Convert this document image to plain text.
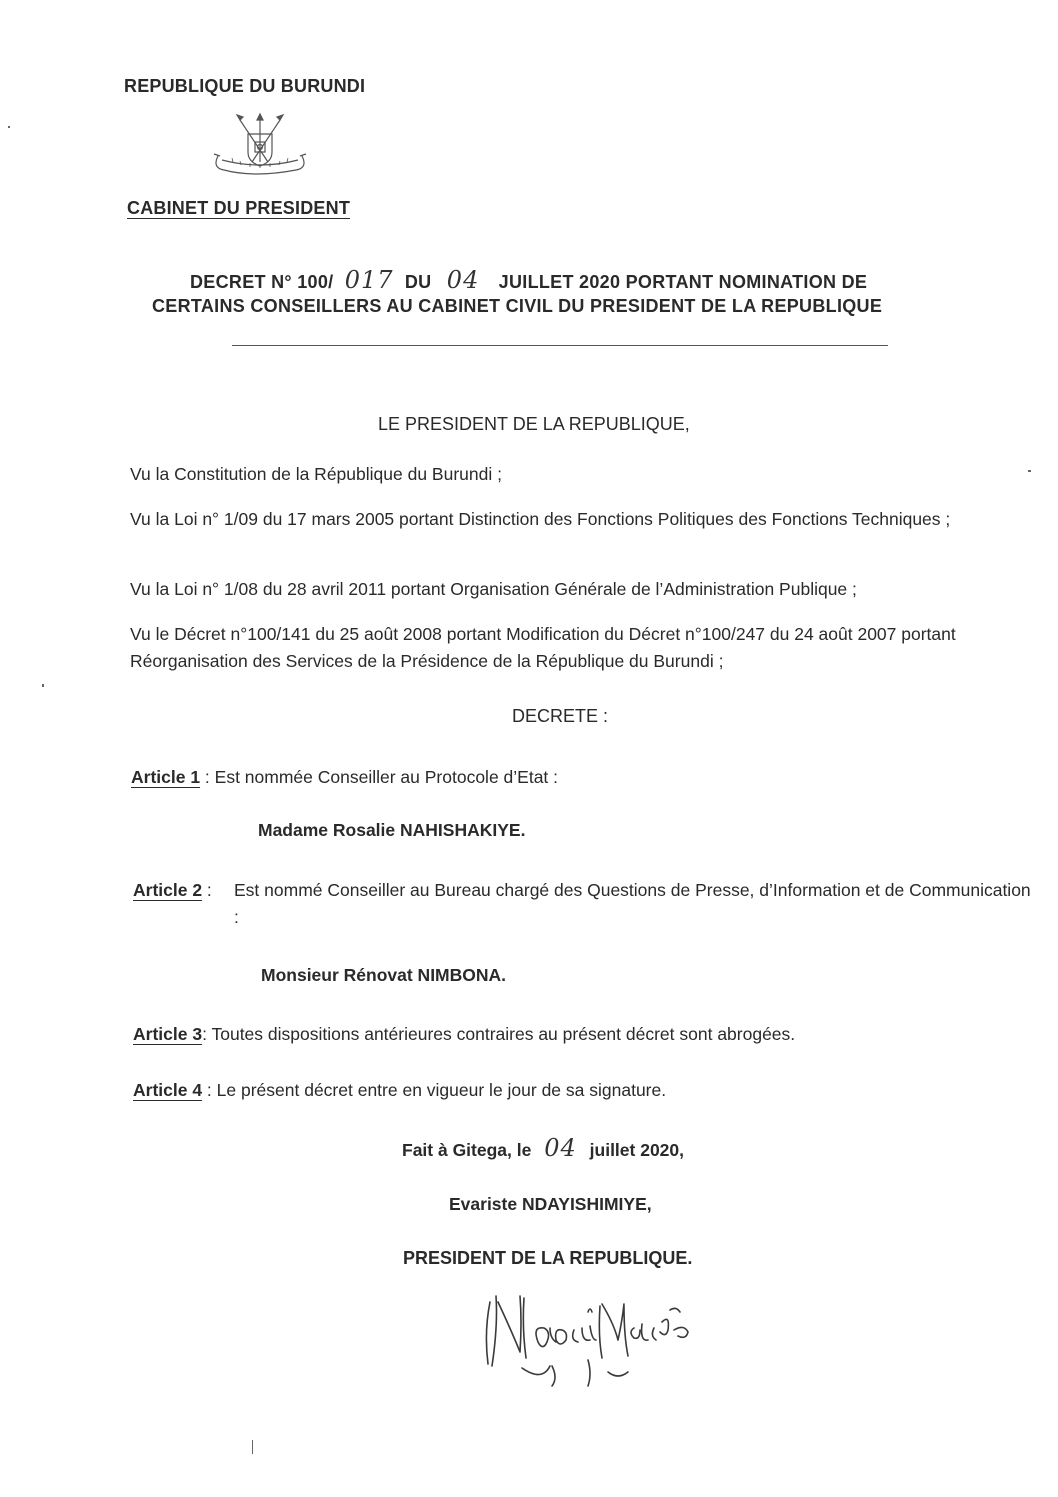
REPUBLIQUE DU BURUNDI
CABINET DU PRESIDENT
DECRET N° 100/ 017 DU 04 JUILLET 2020 PORTANT NOMINATION DE
CERTAINS CONSEILLERS AU CABINET CIVIL DU PRESIDENT DE LA REPUBLIQUE
LE PRESIDENT DE LA REPUBLIQUE,
Vu la Constitution de la République du Burundi ;
Vu la Loi n° 1/09 du 17 mars 2005 portant Distinction des Fonctions Politiques des Fonctions Techniques ;
Vu la Loi n° 1/08 du 28 avril 2011 portant Organisation Générale de l’Administration Publique ;
Vu le Décret n°100/141 du 25 août 2008 portant Modification du Décret n°100/247 du 24 août 2007 portant Réorganisation des Services de la Présidence de la République du Burundi ;
DECRETE :
Article 1 : Est nommée Conseiller au Protocole d’Etat :
Madame Rosalie NAHISHAKIYE.
Article 2 :	Est nommé Conseiller au Bureau chargé des Questions de Presse, d’Information et de Communication :
Monsieur Rénovat NIMBONA.
Article 3: Toutes dispositions antérieures contraires au présent décret sont abrogées.
Article 4 : Le présent décret entre en vigueur le jour de sa signature.
Fait à Gitega, le 04 juillet 2020,
Evariste NDAYISHIMIYE,
PRESIDENT DE LA REPUBLIQUE.
